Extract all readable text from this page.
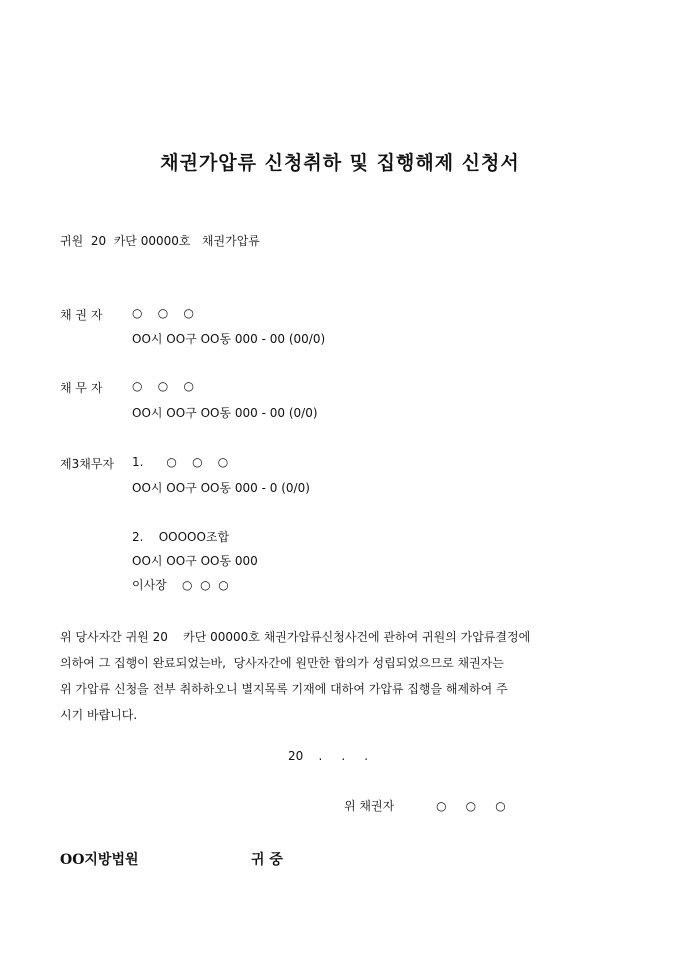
채권가압류 신청취하 및 집행해제 신청서
귀원  20  카단 00000호   채권가압류
채 권 자 ○    ○    ○
OO시 OO구 OO동 000 - 00 (00/0)
채 무 자 ○    ○    ○
OO시 OO구 OO동 000 - 00 (0/0)
제3채무자 1.      ○    ○    ○
OO시 OO구 OO동 000 - 0 (0/0)
2.    OOOOO조합
OO시 OO구 OO동 000
이사장    ○  ○  ○
위 당사자간 귀원 20    카단 00000호 채권가압류신청사건에 관하여 귀원의 가압류결정에
의하여 그 집행이 완료되었는바,  당사자간에 원만한 합의가 성립되었으므로 채권자는
위 가압류 신청을 전부 취하하오니 별지목록 기재에 대하여 가압류 집행을 해제하여 주
시기 바랍니다.
20    .     .     .
위 채권자           ○     ○     ○
OO지방법원	귀 중
